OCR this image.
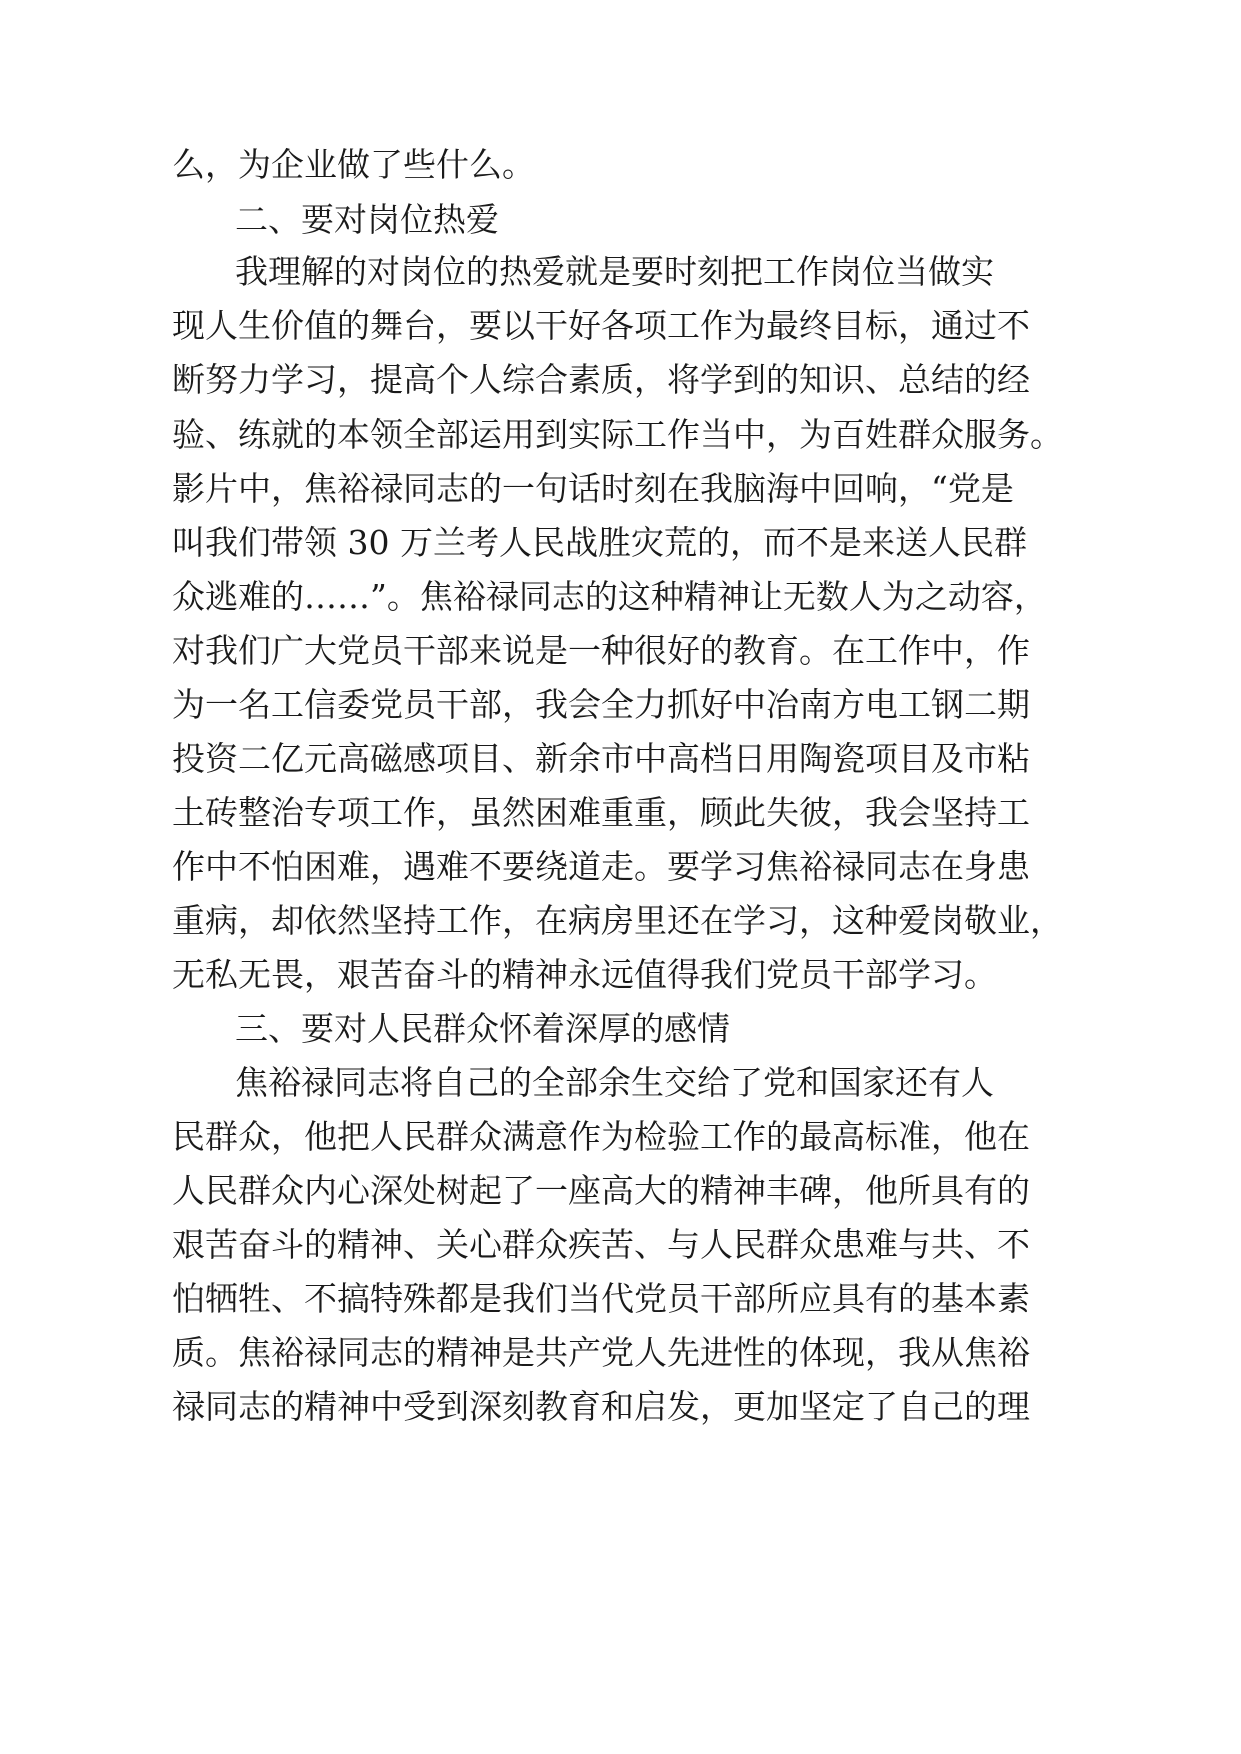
么，为企业做了些什么。
二、要对岗位热爱
我理解的对岗位的热爱就是要时刻把工作岗位当做实
现人生价值的舞台，要以干好各项工作为最终目标，通过不
断努力学习，提高个人综合素质，将学到的知识、总结的经
验、练就的本领全部运用到实际工作当中，为百姓群众服务。
影片中，焦裕禄同志的一句话时刻在我脑海中回响，“党是
叫我们带领 30 万兰考人民战胜灾荒的，而不是来送人民群
众逃难的……”。焦裕禄同志的这种精神让无数人为之动容，
对我们广大党员干部来说是一种很好的教育。在工作中，作
为一名工信委党员干部，我会全力抓好中冶南方电工钢二期
投资二亿元高磁感项目、新余市中高档日用陶瓷项目及市粘
土砖整治专项工作，虽然困难重重，顾此失彼，我会坚持工
作中不怕困难，遇难不要绕道走。要学习焦裕禄同志在身患
重病，却依然坚持工作，在病房里还在学习，这种爱岗敬业，
无私无畏，艰苦奋斗的精神永远值得我们党员干部学习。
三、要对人民群众怀着深厚的感情
焦裕禄同志将自己的全部余生交给了党和国家还有人
民群众，他把人民群众满意作为检验工作的最高标准，他在
人民群众内心深处树起了一座高大的精神丰碑，他所具有的
艰苦奋斗的精神、关心群众疾苦、与人民群众患难与共、不
怕牺牲、不搞特殊都是我们当代党员干部所应具有的基本素
质。焦裕禄同志的精神是共产党人先进性的体现，我从焦裕
禄同志的精神中受到深刻教育和启发，更加坚定了自己的理
